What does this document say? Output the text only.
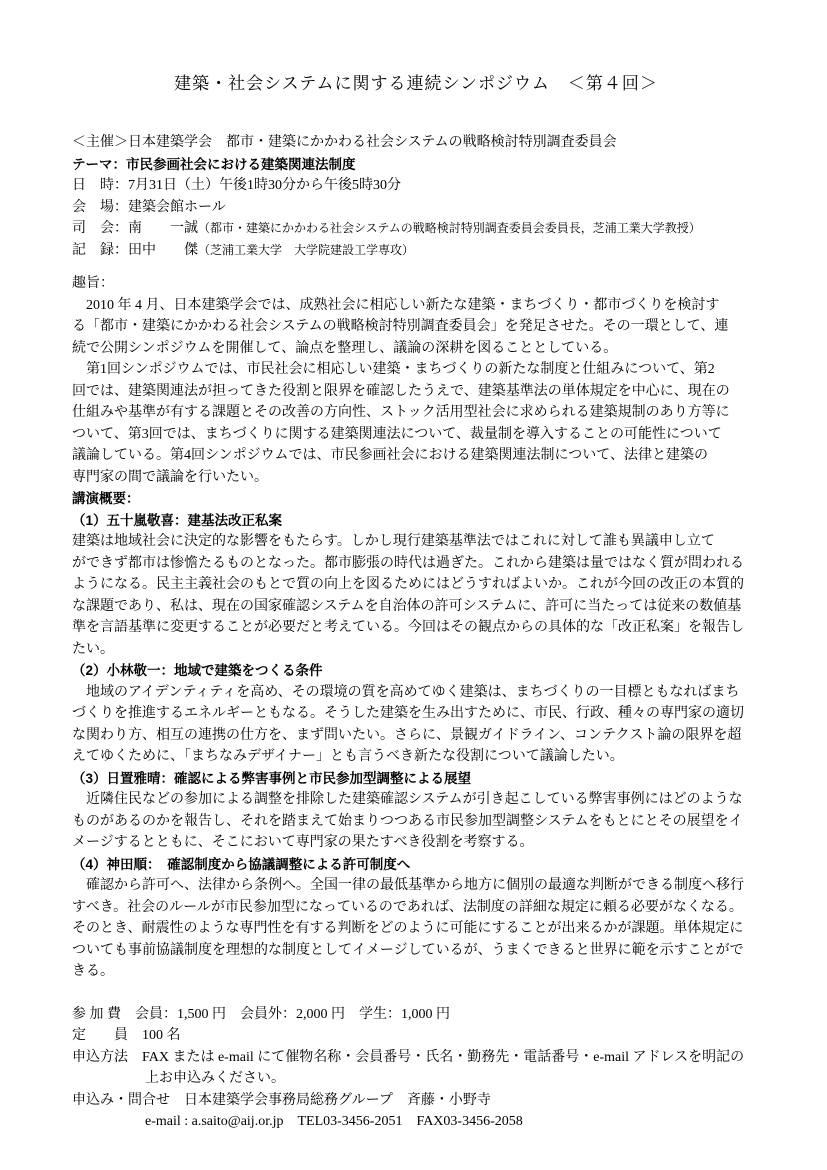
建築・社会システムに関する連続シンポジウム　＜第４回＞
＜主催＞日本建築学会　都市・建築にかかわる社会システムの戦略検討特別調査委員会
テーマ：市民参画社会における建築関連法制度
日　時：7月31日（土）午後1時30分から午後5時30分
会　場：建築会館ホール
司　会：南　　一誠（都市・建築にかかわる社会システムの戦略検討特別調査委員会委員長，芝浦工業大学教授）
記　録：田中　　傑（芝浦工業大学　大学院建設工学専攻）
趣旨：
　2010 年 4 月、日本建築学会では、成熟社会に相応しい新たな建築・まちづくり・都市づくりを検討す
る「都市・建築にかかわる社会システムの戦略検討特別調査委員会」を発足させた。その一環として、連
続で公開シンポジウムを開催して、論点を整理し、議論の深耕を図ることとしている。
　第1回シンポジウムでは、市民社会に相応しい建築・まちづくりの新たな制度と仕組みについて、第2
回では、建築関連法が担ってきた役割と限界を確認したうえで、建築基準法の単体規定を中心に、現在の
仕組みや基準が有する課題とその改善の方向性、ストック活用型社会に求められる建築規制のあり方等に
ついて、第3回では、まちづくりに関する建築関連法について、裁量制を導入することの可能性について
議論している。第4回シンポジウムでは、市民参画社会における建築関連法制について、法律と建築の
専門家の間で議論を行いたい。
講演概要：
（1）五十嵐敬喜：建基法改正私案
建築は地域社会に決定的な影響をもたらす。しかし現行建築基準法ではこれに対して誰も異議申し立て
ができず都市は惨憺たるものとなった。都市膨張の時代は過ぎた。これから建築は量ではなく質が問われる
ようになる。民主主義社会のもとで質の向上を図るためにはどうすればよいか。これが今回の改正の本質的
な課題であり、私は、現在の国家確認システムを自治体の許可システムに、許可に当たっては従来の数値基
準を言語基準に変更することが必要だと考えている。今回はその観点からの具体的な「改正私案」を報告し
たい。
（2）小林敬一：地域で建築をつくる条件
　地域のアイデンティティを高め、その環境の質を高めてゆく建築は、まちづくりの一目標ともなればまち
づくりを推進するエネルギーともなる。そうした建築を生み出すために、市民、行政、種々の専門家の適切
な関わり方、相互の連携の仕方を、まず問いたい。さらに、景観ガイドライン、コンテクスト論の限界を超
えてゆくために、「まちなみデザイナー」とも言うべき新たな役割について議論したい。
（3）日置雅晴：確認による弊害事例と市民参加型調整による展望
　近隣住民などの参加による調整を排除した建築確認システムが引き起こしている弊害事例にはどのような
ものがあるのかを報告し、それを踏まえて始まりつつある市民参加型調整システムをもとにとその展望をイ
メージするとともに、そこにおいて専門家の果たすべき役割を考察する。
（4）神田順：　確認制度から協議調整による許可制度へ
　確認から許可へ、法律から条例へ。全国一律の最低基準から地方に個別の最適な判断ができる制度へ移行
すべき。社会のルールが市民参加型になっているのであれば、法制度の詳細な規定に頼る必要がなくなる。
そのとき、耐震性のような専門性を有する判断をどのように可能にすることが出来るかが課題。単体規定に
ついても事前協議制度を理想的な制度としてイメージしているが、うまくできると世界に範を示すことがで
きる。
参 加 費　会員：1,500 円　会員外：2,000 円　学生：1,000 円
定　　員　100 名
申込方法　FAX または e-mail にて催物名称・会員番号・氏名・勤務先・電話番号・e-mail アドレスを明記の
上お申込みください。
申込み・問合せ　日本建築学会事務局総務グループ　斉藤・小野寺
e-mail : a.saito@aij.or.jp　TEL03-3456-2051　FAX03-3456-2058
